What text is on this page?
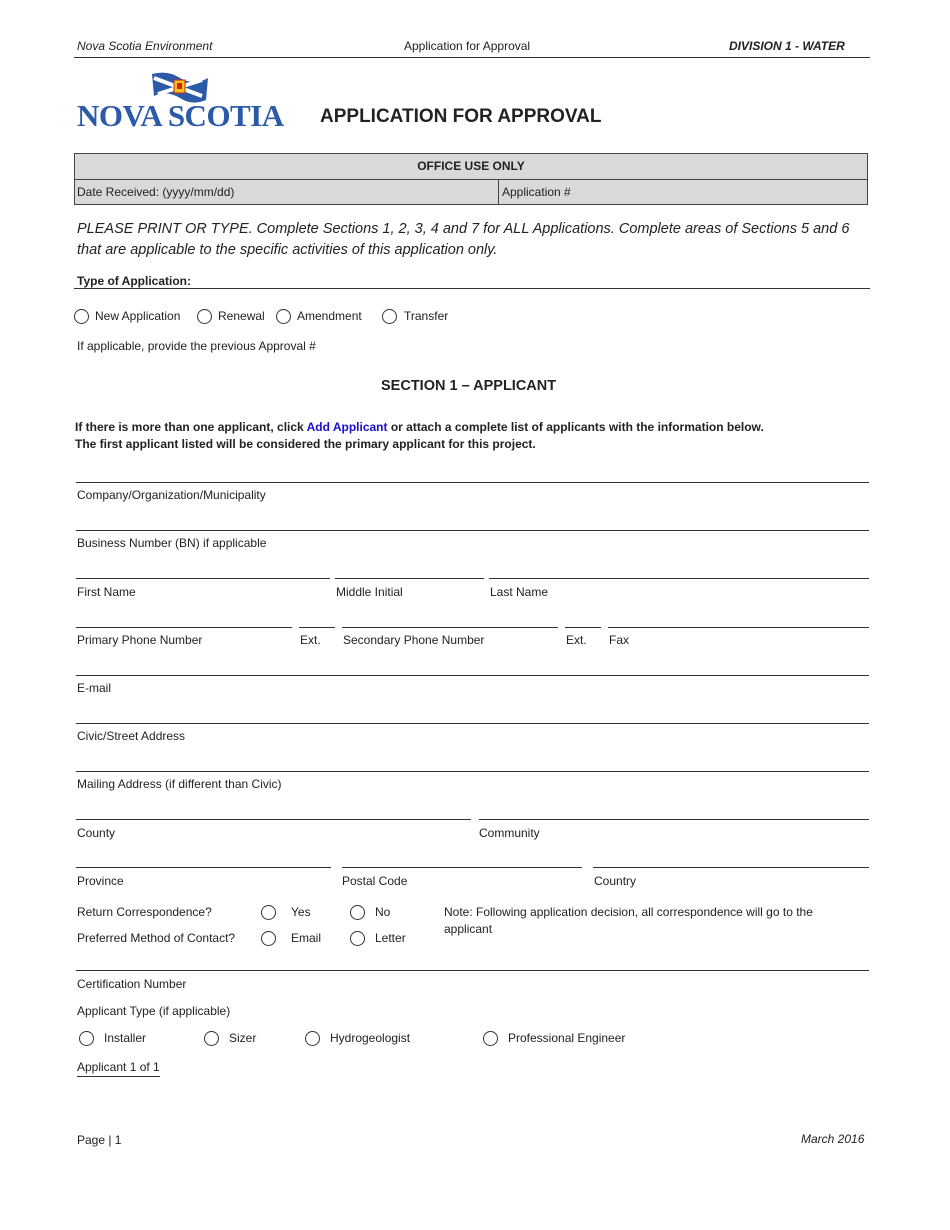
Nova Scotia Environment	Application for Approval	DIVISION 1 - WATER
NOVA SCOTIA APPLICATION FOR APPROVAL
OFFICE USE ONLY
Date Received: (yyyy/mm/dd)	Application #
PLEASE PRINT OR TYPE. Complete Sections 1, 2, 3, 4 and 7 for ALL Applications. Complete areas of Sections 5 and 6 that are applicable to the specific activities of this application only.
Type of Application:
New Application	Renewal	Amendment	Transfer
If applicable, provide the previous Approval #
SECTION 1 – APPLICANT
If there is more than one applicant, click Add Applicant or attach a complete list of applicants with the information below.
The first applicant listed will be considered the primary applicant for this project.
Company/Organization/Municipality
Business Number (BN) if applicable
First Name	Middle Initial	Last Name
Primary Phone Number	Ext. Secondary Phone Number	Ext. Fax
E-mail
Civic/Street Address
Mailing Address (if different than Civic)
County	Community
Province	Postal Code	Country
Return Correspondence?	Yes	No
Preferred Method of Contact?	Email	Letter
Note: Following application decision, all correspondence will go to the applicant
Certification Number
Applicant Type (if applicable)
Installer	Sizer	Hydrogeologist	Professional Engineer
Applicant 1 of 1
Page | 1	March 2016
